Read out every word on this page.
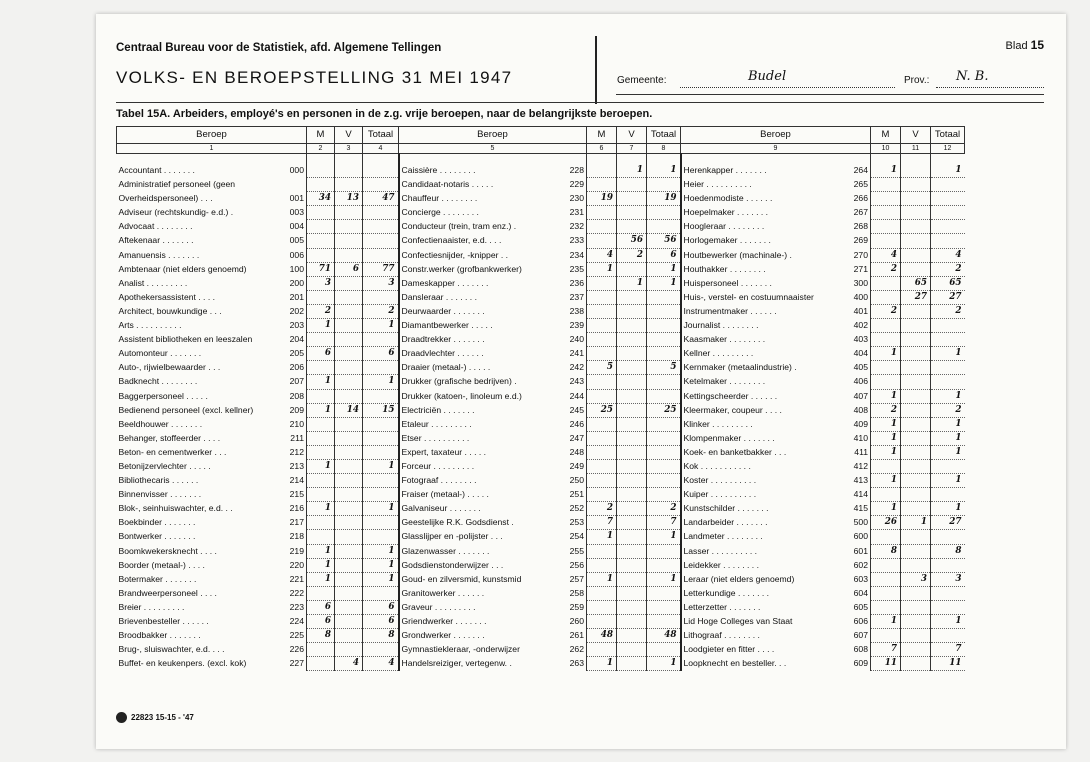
Centraal Bureau voor de Statistiek, afd. Algemene Tellingen
VOLKS- EN BEROEPSTELLING 31 MEI 1947
Blad 15
Gemeente:	Budel	Prov.: N. B.
Tabel 15A. Arbeiders, employé's en personen in de z.g. vrije beroepen, naar de belangrijkste beroepen.
Beroep		M	V	Totaal	Beroep		M	V	Totaal	Beroep		M	V	Totaal
1		2	3	4	5		6	7	8	9		10	11	12

Accountant . . . . . . .	000				Caissière . . . . . . . .	228		1	1	Herenkapper . . . . . . .	264	1		1
Administratief personeel (geen					Candidaat-notaris . . . . .	229				Heier . . . . . . . . . .	265			
Overheidspersoneel) . . .	001	34	13	47	Chauffeur . . . . . . . .	230	19		19	Hoedenmodiste . . . . . .	266			
Adviseur (rechtskundig- e.d.) .	003				Concierge . . . . . . . .	231				Hoepelmaker . . . . . . .	267			
Advocaat . . . . . . . .	004				Conducteur (trein, tram enz.) .	232				Hoogleraar . . . . . . . .	268			
Aftekenaar . . . . . . .	005				Confectienaaister, e.d. . . .	233		56	56	Horlogemaker . . . . . . .	269			
Amanuensis . . . . . . .	006				Confectiesnijder, -knipper . .	234	4	2	6	Houtbewerker (machinale-) .	270	4		4
Ambtenaar (niet elders genoemd)	100	71	6	77	Constr.werker (grofbankwerker)	235	1		1	Houthakker . . . . . . . .	271	2		2
Analist . . . . . . . . .	200	3		3	Dameskapper . . . . . . .	236		1	1	Huispersoneel . . . . . . .	300		65	65
Apothekersassistent . . . .	201				Dansleraar . . . . . . .	237				Huis-, verstel- en costuumnaaister	400		27	27
Architect, bouwkundige . . .	202	2		2	Deurwaarder . . . . . . .	238				Instrumentmaker . . . . . .	401	2		2
Arts . . . . . . . . . .	203	1		1	Diamantbewerker . . . . .	239				Journalist . . . . . . . .	402			
Assistent bibliotheken en leeszalen	204				Draadtrekker . . . . . . .	240				Kaasmaker . . . . . . . .	403			
Automonteur . . . . . . .	205	6		6	Draadvlechter . . . . . .	241				Kellner . . . . . . . . .	404	1		1
Auto-, rijwielbewaarder . . .	206				Draaier (metaal-) . . . . .	242	5		5	Kernmaker (metaalindustrie) .	405			
Badknecht . . . . . . . .	207	1		1	Drukker (grafische bedrijven) .	243				Ketelmaker . . . . . . . .	406			
Baggerpersoneel . . . . .	208				Drukker (katoen-, linoleum e.d.)	244				Kettingscheerder . . . . . .	407	1		1
Bedienend personeel (excl. kellner)	209	1	14	15	Electriciën . . . . . . .	245	25		25	Kleermaker, coupeur . . . .	408	2		2
Beeldhouwer . . . . . . .	210				Etaleur . . . . . . . . .	246				Klinker . . . . . . . . .	409	1		1
Behanger, stoffeerder . . . .	211				Etser . . . . . . . . . .	247				Klompenmaker . . . . . . .	410	1		1
Beton- en cementwerker . . .	212				Expert, taxateur . . . . .	248				Koek- en banketbakker . . .	411	1		1
Betonijzervlechter . . . . .	213	1		1	Forceur . . . . . . . . .	249				Kok . . . . . . . . . . .	412			
Bibliothecaris . . . . . .	214				Fotograaf . . . . . . . .	250				Koster . . . . . . . . . .	413	1		1
Binnenvisser . . . . . . .	215				Fraiser (metaal-) . . . . .	251				Kuiper . . . . . . . . . .	414			
Blok-, seinhuiswachter, e.d. . .	216	1		1	Galvaniseur . . . . . . .	252	2		2	Kunstschilder . . . . . . .	415	1		1
Boekbinder . . . . . . .	217				Geestelijke R.K. Godsdienst .	253	7		7	Landarbeider . . . . . . .	500	26	1	27
Bontwerker . . . . . . .	218				Glasslijper en -polijster . . .	254	1		1	Landmeter . . . . . . . .	600			
Boomkwekersknecht . . . .	219	1		1	Glazenwasser . . . . . . .	255				Lasser . . . . . . . . . .	601	8		8
Boorder (metaal-) . . . .	220	1		1	Godsdienstonderwijzer . . .	256				Leidekker . . . . . . . .	602			
Botermaker . . . . . . .	221	1		1	Goud- en zilversmid, kunstsmid	257	1		1	Leraar (niet elders genoemd)	603		3	3
Brandweerpersoneel . . . .	222				Granitowerker . . . . . .	258				Letterkundige . . . . . . .	604			
Breier . . . . . . . . .	223	6		6	Graveur . . . . . . . . .	259				Letterzetter . . . . . . .	605			
Brievenbesteller . . . . . .	224	6		6	Griendwerker . . . . . . .	260				Lid Hoge Colleges van Staat	606	1		1
Broodbakker . . . . . . .	225	8		8	Grondwerker . . . . . . .	261	48		48	Lithograaf . . . . . . . .	607			
Brug-, sluiswachter, e.d. . . .	226				Gymnastiekleraar, -onderwijzer	262				Loodgieter en fitter . . . .	608	7		7
Buffet- en keukenpers. (excl. kok)	227		4	4	Handelsreiziger, vertegenw. .	263	1		1	Loopknecht en besteller. . .	609	11		11
22823 15-15 - '47
